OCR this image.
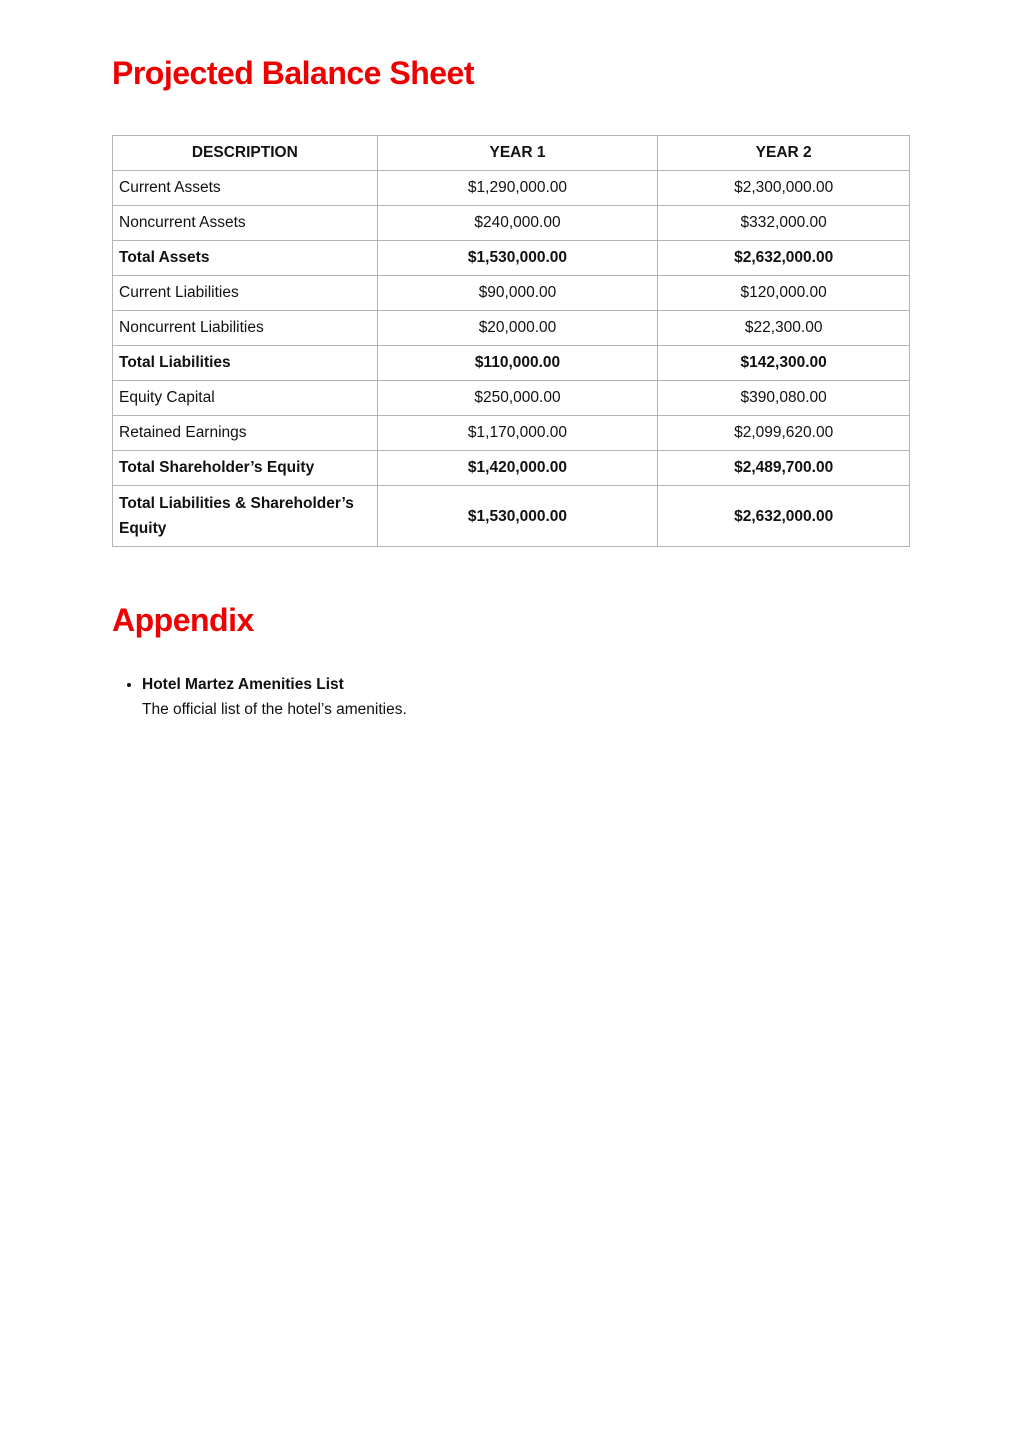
Projected Balance Sheet
DESCRIPTION	YEAR 1	YEAR 2
Current Assets	$1,290,000.00	$2,300,000.00
Noncurrent Assets	$240,000.00	$332,000.00
Total Assets	$1,530,000.00	$2,632,000.00
Current Liabilities	$90,000.00	$120,000.00
Noncurrent Liabilities	$20,000.00	$22,300.00
Total Liabilities	$110,000.00	$142,300.00
Equity Capital	$250,000.00	$390,080.00
Retained Earnings	$1,170,000.00	$2,099,620.00
Total Shareholder’s Equity	$1,420,000.00	$2,489,700.00
Total Liabilities & Shareholder’s Equity	$1,530,000.00	$2,632,000.00
Appendix
• Hotel Martez Amenities List
The official list of the hotel’s amenities.
